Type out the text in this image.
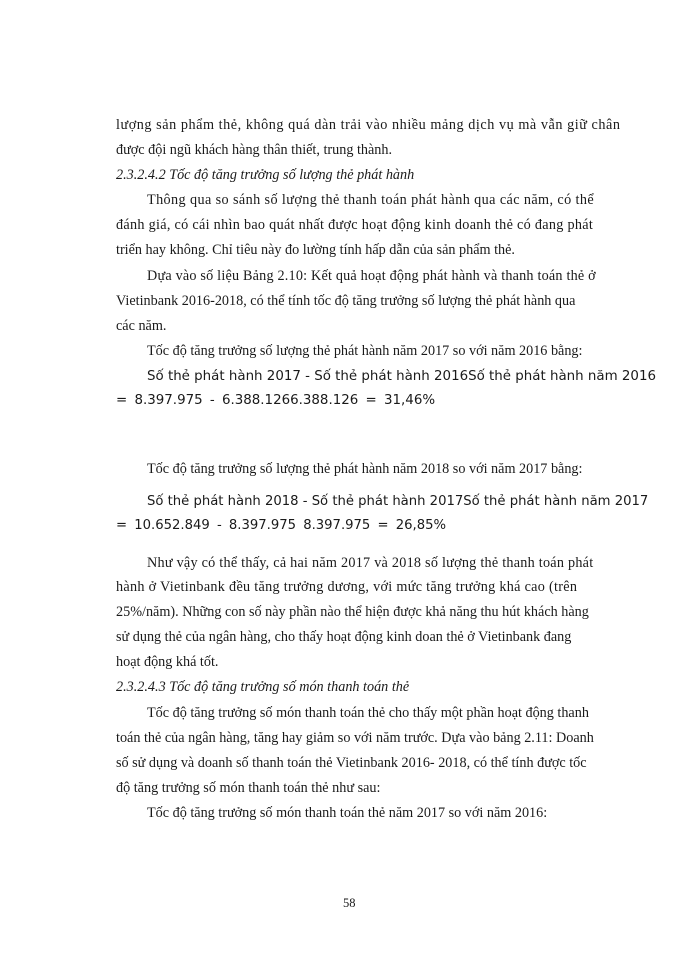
lượng sản phẩm thẻ, không quá dàn trải vào nhiều mảng dịch vụ mà vẫn giữ chân
được đội ngũ khách hàng thân thiết, trung thành.
2.3.2.4.2 Tốc độ tăng trưởng số lượng thẻ phát hành
Thông qua so sánh số lượng thẻ thanh toán phát hành qua các năm, có thể
đánh giá, có cái nhìn bao quát nhất được hoạt động kinh doanh thẻ có đang phát
triển hay không. Chỉ tiêu này đo lường tính hấp dẫn của sản phẩm thẻ.
Dựa vào số liệu Bảng 2.10: Kết quả hoạt động phát hành và thanh toán thẻ ở
Vietinbank 2016-2018, có thể tính tốc độ tăng trưởng số lượng thẻ phát hành qua
các năm.
Tốc độ tăng trưởng số lượng thẻ phát hành năm 2017 so với năm 2016 bằng:
Số thẻ phát hành 2017 - Số thẻ phát hành 2016Số thẻ phát hành năm 2016
= 8.397.975 - 6.388.1266.388.126 = 31,46%
Tốc độ tăng trưởng số lượng thẻ phát hành năm 2018 so với năm 2017 bằng:
Số thẻ phát hành 2018 - Số thẻ phát hành 2017Số thẻ phát hành năm 2017
= 10.652.849 - 8.397.975 8.397.975 = 26,85%
Như vậy có thể thấy, cả hai năm 2017 và 2018 số lượng thẻ thanh toán phát
hành ở Vietinbank đều tăng trưởng dương, với mức tăng trưởng khá cao (trên
25%/năm). Những con số này phần nào thể hiện được khả năng thu hút khách hàng
sử dụng thẻ của ngân hàng, cho thấy hoạt động kinh doan thẻ ở Vietinbank đang
hoạt động khá tốt.
2.3.2.4.3 Tốc độ tăng trưởng số món thanh toán thẻ
Tốc độ tăng trưởng số món thanh toán thẻ cho thấy một phần hoạt động thanh
toán thẻ của ngân hàng, tăng hay giảm so với năm trước. Dựa vào bảng 2.11: Doanh
số sử dụng và doanh số thanh toán thẻ Vietinbank 2016- 2018, có thể tính được tốc
độ tăng trưởng số món thanh toán thẻ như sau:
Tốc độ tăng trưởng số món thanh toán thẻ năm 2017 so với năm 2016:
58
